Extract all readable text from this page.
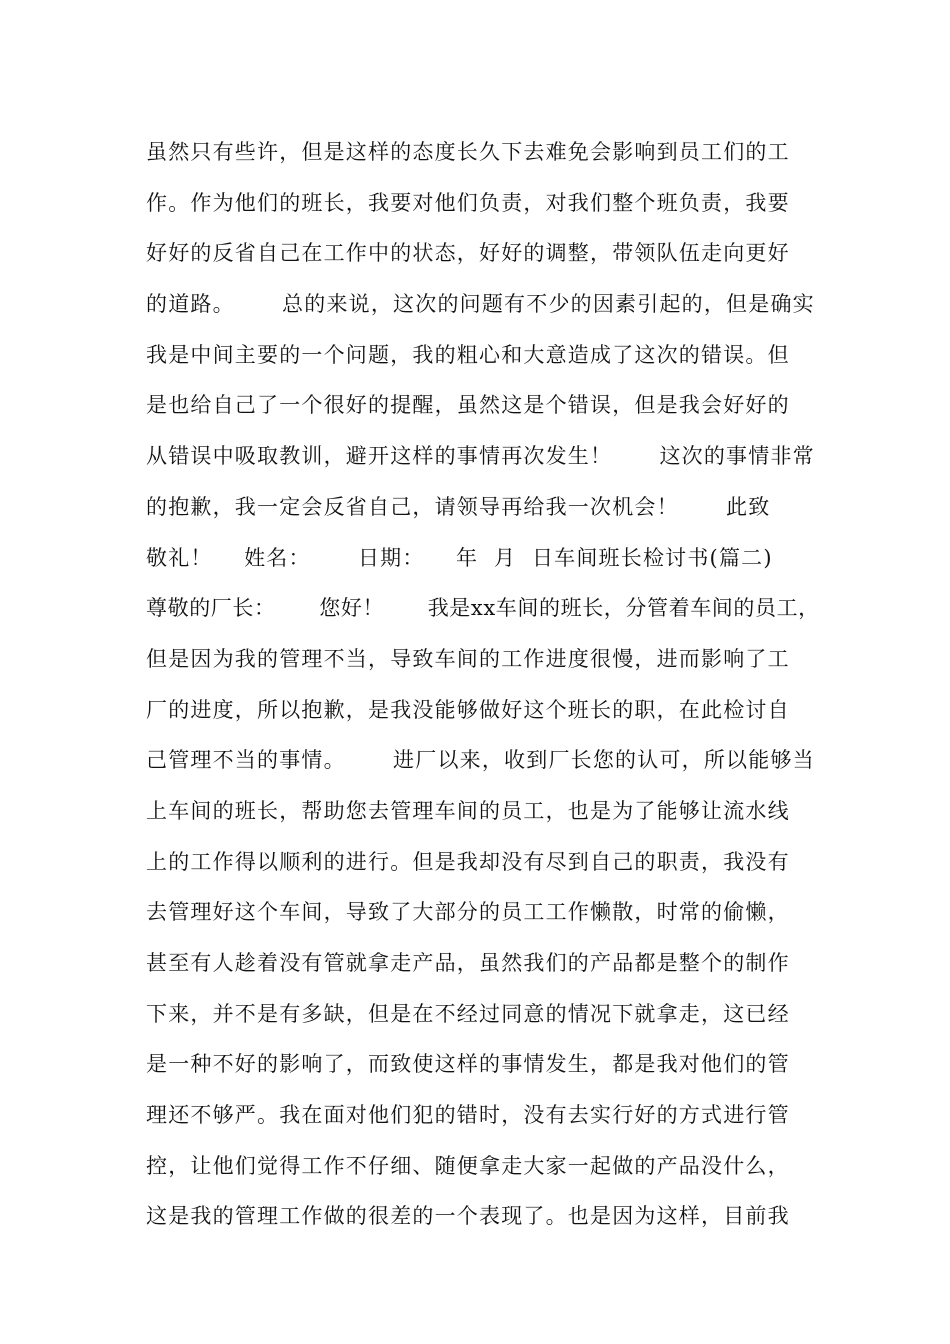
虽然只有些许，但是这样的态度长久下去难免会影响到员工们的工
作。作为他们的班长，我要对他们负责，对我们整个班负责，我要
好好的反省自己在工作中的状态，好好的调整，带领队伍走向更好
的道路。      总的来说，这次的问题有不少的因素引起的，但是确实
我是中间主要的一个问题，我的粗心和大意造成了这次的错误。但
是也给自己了一个很好的提醒，虽然这是个错误，但是我会好好的
从错误中吸取教训，避开这样的事情再次发生！      这次的事情非常
的抱歉，我一定会反省自己，请领导再给我一次机会！      此致
敬礼！    姓名：      日期：    年  月  日车间班长检讨书(篇二)
尊敬的厂长：      您好！      我是xx车间的班长，分管着车间的员工，
但是因为我的管理不当，导致车间的工作进度很慢，进而影响了工
厂的进度，所以抱歉，是我没能够做好这个班长的职，在此检讨自
己管理不当的事情。      进厂以来，收到厂长您的认可，所以能够当
上车间的班长，帮助您去管理车间的员工，也是为了能够让流水线
上的工作得以顺利的进行。但是我却没有尽到自己的职责，我没有
去管理好这个车间，导致了大部分的员工工作懒散，时常的偷懒，
甚至有人趁着没有管就拿走产品，虽然我们的产品都是整个的制作
下来，并不是有多缺，但是在不经过同意的情况下就拿走，这已经
是一种不好的影响了，而致使这样的事情发生，都是我对他们的管
理还不够严。我在面对他们犯的错时，没有去实行好的方式进行管
控，让他们觉得工作不仔细、随便拿走大家一起做的产品没什么，
这是我的管理工作做的很差的一个表现了。也是因为这样，目前我
